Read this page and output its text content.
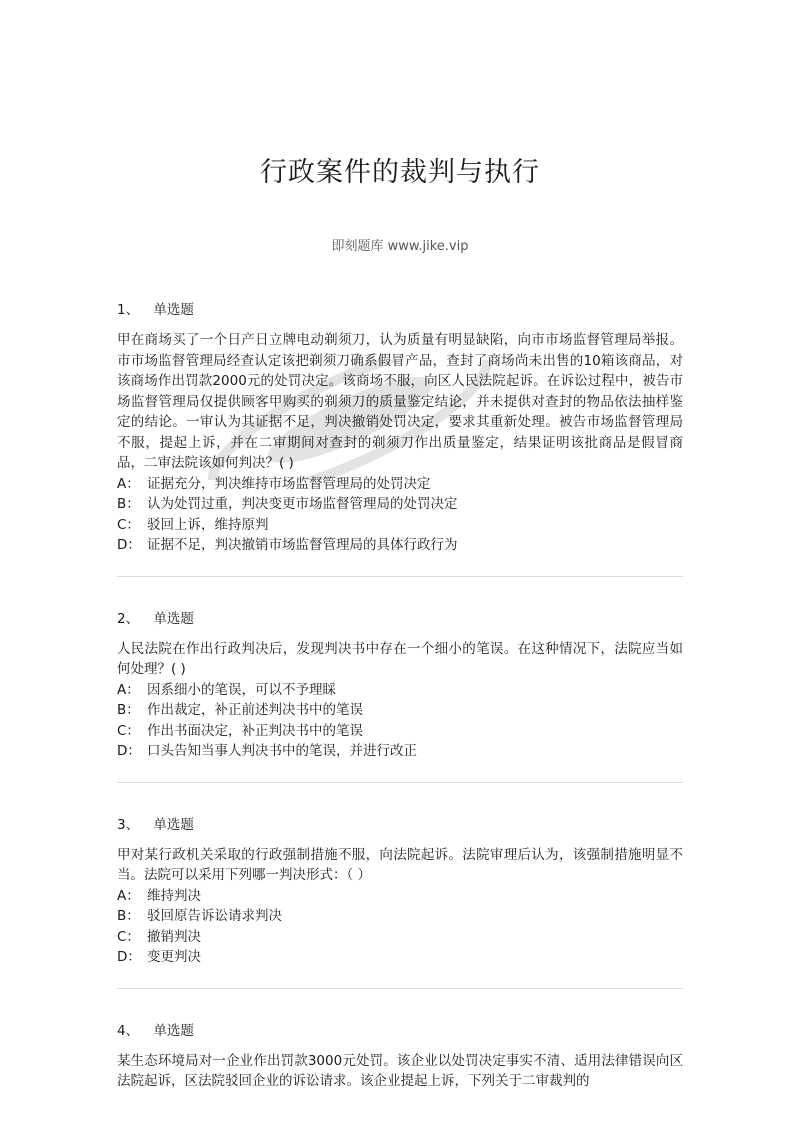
行政案件的裁判与执行
即刻题库 www.jike.vip
1、 单选题
甲在商场买了一个日产日立牌电动剃须刀，认为质量有明显缺陷，向市市场监督管理局举报。市市场监督管理局经查认定该把剃须刀确系假冒产品，查封了商场尚未出售的10箱该商品，对该商场作出罚款2000元的处罚决定。该商场不服，向区人民法院起诉。在诉讼过程中，被告市场监督管理局仅提供顾客甲购买的剃须刀的质量鉴定结论，并未提供对查封的物品依法抽样鉴定的结论。一审认为其证据不足，判决撤销处罚决定，要求其重新处理。被告市场监督管理局不服，提起上诉，并在二审期间对查封的剃须刀作出质量鉴定，结果证明该批商品是假冒商品，二审法院该如何判决？( )
A： 证据充分，判决维持市场监督管理局的处罚决定
B： 认为处罚过重，判决变更市场监督管理局的处罚决定
C： 驳回上诉，维持原判
D： 证据不足，判决撤销市场监督管理局的具体行政行为
2、 单选题
人民法院在作出行政判决后，发现判决书中存在一个细小的笔误。在这种情况下，法院应当如何处理？( )
A： 因系细小的笔误，可以不予理睬
B： 作出裁定，补正前述判决书中的笔误
C： 作出书面决定，补正判决书中的笔误
D： 口头告知当事人判决书中的笔误，并进行改正
3、 单选题
甲对某行政机关采取的行政强制措施不服，向法院起诉。法院审理后认为，该强制措施明显不当。法院可以采用下列哪一判决形式：（ ）
A： 维持判决
B： 驳回原告诉讼请求判决
C： 撤销判决
D： 变更判决
4、 单选题
某生态环境局对一企业作出罚款3000元处罚。该企业以处罚决定事实不清、适用法律错误向区法院起诉，区法院驳回企业的诉讼请求。该企业提起上诉，下列关于二审裁判的
